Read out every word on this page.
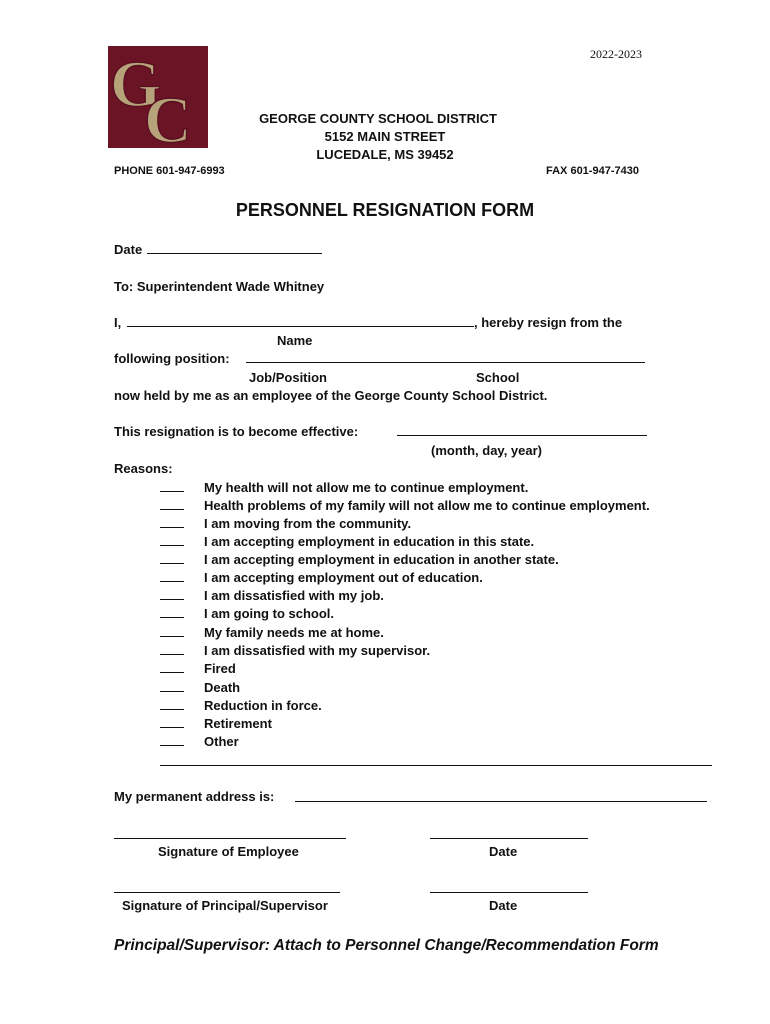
2022-2023
G
C	GEORGE COUNTY SCHOOL DISTRICT
5152 MAIN STREET
LUCEDALE, MS 39452
PHONE 601-947-6993	FAX 601-947-7430
PERSONNEL RESIGNATION FORM
Date
To: Superintendent Wade Whitney
I,	, hereby resign from the
Name
following position:
Job/Position	School
now held by me as an employee of the George County School District.
This resignation is to become effective:
(month, day, year)
Reasons:
My health will not allow me to continue employment.
Health problems of my family will not allow me to continue employment.
I am moving from the community.
I am accepting employment in education in this state.
I am accepting employment in education in another state.
I am accepting employment out of education.
I am dissatisfied with my job.
I am going to school.
My family needs me at home.
I am dissatisfied with my supervisor.
Fired
Death
Reduction in force.
Retirement
Other
My permanent address is:
Signature of Employee	Date
Signature of Principal/Supervisor	Date
Principal/Supervisor: Attach to Personnel Change/Recommendation Form
